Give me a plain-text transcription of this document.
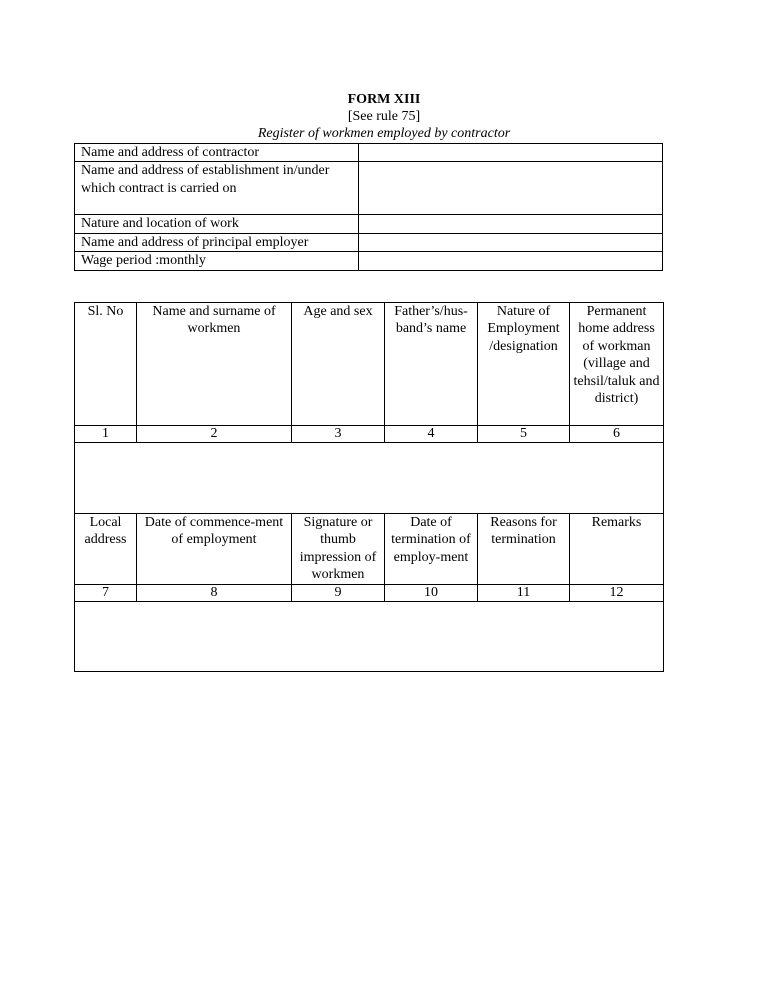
FORM XIII
[See rule 75]
Register of workmen employed by contractor
Name and address of contractor	
Name and address of establishment in/under which contract is carried on	
Nature and location of work	
Name and address of principal employer	
Wage period :monthly	
Sl. No	Name and surname of workmen	Age and sex	Father’s/hus-band’s name	Nature of Employment /designation	Permanent home address of workman (village and tehsil/taluk and district)
1	2	3	4	5	6

Local address	Date of commence-ment of employment	Signature or thumb impression of workmen	Date of termination of employ-ment	Reasons for termination	Remarks
7	8	9	10	11	12
